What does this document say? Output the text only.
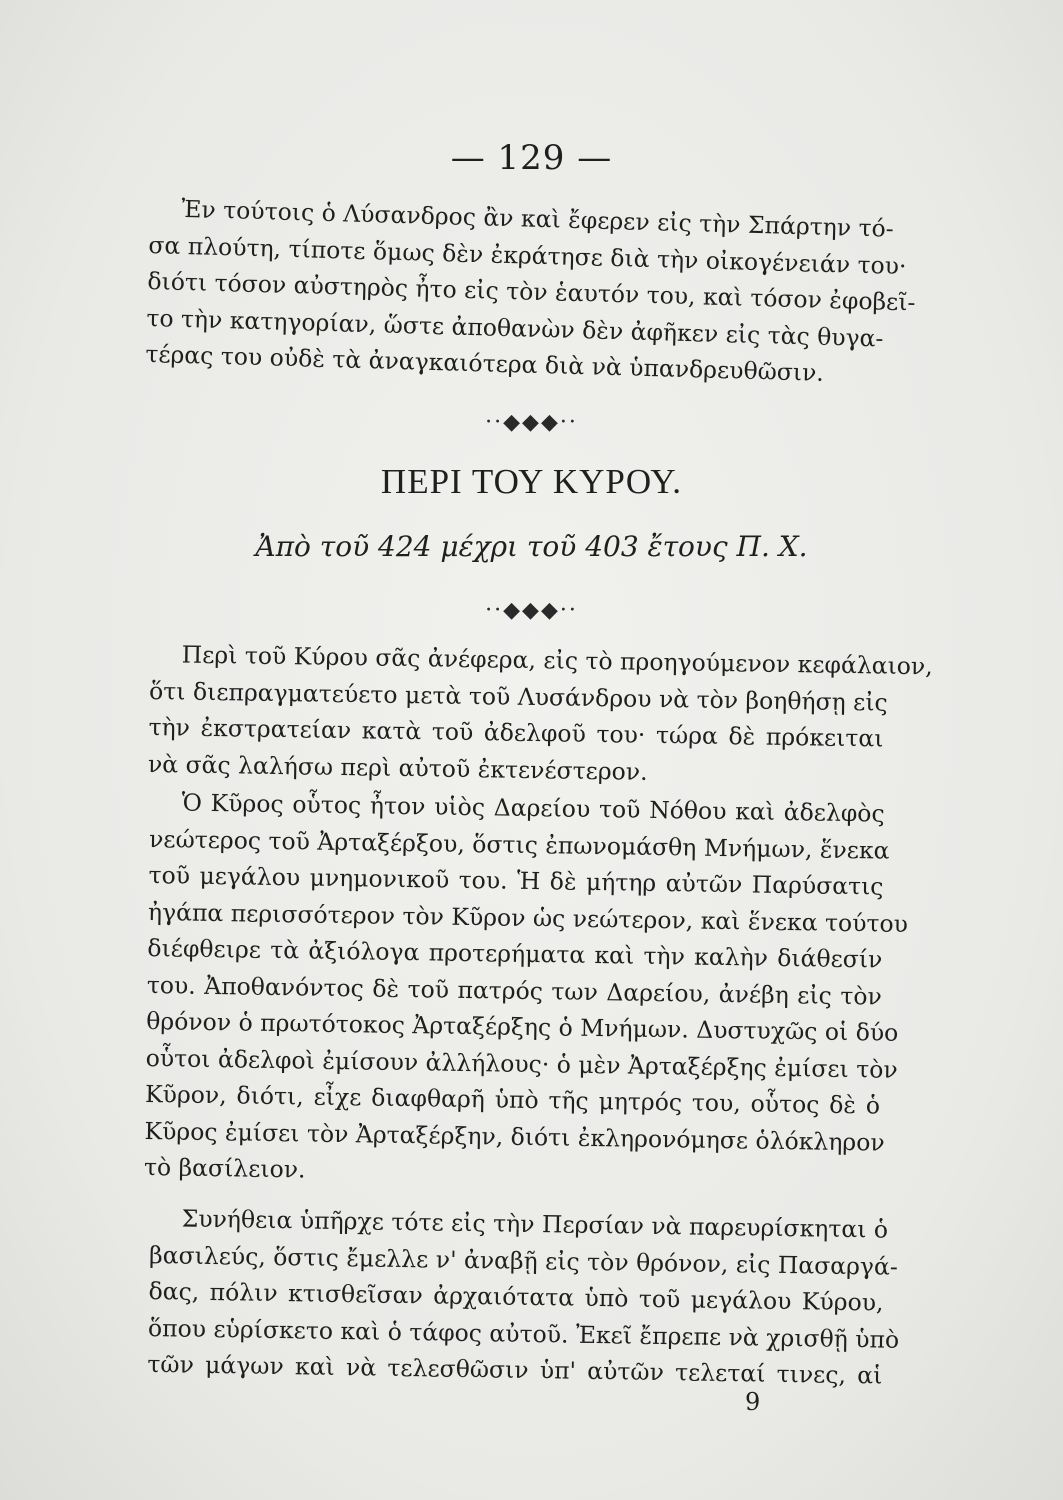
— 129 —
Ἐν τούτοις ὁ Λύσανδρος ἂν καὶ ἔφερεν εἰς τὴν Σπάρτην τό-
σα πλούτη, τίποτε ὅμως δὲν ἐκράτησε διὰ τὴν οἰκογένειάν του·
διότι τόσον αὐστηρὸς ἦτο εἰς τὸν ἑαυτόν του, καὶ τόσον ἐφοβεῖ-
το τὴν κατηγορίαν, ὥστε ἀποθανὼν δὲν ἀφῆκεν εἰς τὰς θυγα-
τέρας του οὐδὲ τὰ ἀναγκαιότερα διὰ νὰ ὑπανδρευθῶσιν.
··◆◆◆··
ΠΕΡΙ ΤΟΥ ΚΥΡΟΥ.
Ἀπὸ τοῦ 424 μέχρι τοῦ 403 ἔτους Π. Χ.
··◆◆◆··
Περὶ τοῦ Κύρου σᾶς ἀνέφερα, εἰς τὸ προηγούμενον κεφάλαιον,
ὅτι διεπραγματεύετο μετὰ τοῦ Λυσάνδρου νὰ τὸν βοηθήσῃ εἰς
τὴν ἐκστρατείαν κατὰ τοῦ ἀδελφοῦ του· τώρα δὲ πρόκειται
νὰ σᾶς λαλήσω περὶ αὐτοῦ ἐκτενέστερον.
Ὁ Κῦρος οὗτος ἦτον υἱὸς Δαρείου τοῦ Νόθου καὶ ἀδελφὸς
νεώτερος τοῦ Ἀρταξέρξου, ὅστις ἐπωνομάσθη Μνήμων, ἕνεκα
τοῦ μεγάλου μνημονικοῦ του. Ἡ δὲ μήτηρ αὐτῶν Παρύσατις
ἠγάπα περισσότερον τὸν Κῦρον ὡς νεώτερον, καὶ ἕνεκα τούτου
διέφθειρε τὰ ἀξιόλογα προτερήματα καὶ τὴν καλὴν διάθεσίν
του. Ἀποθανόντος δὲ τοῦ πατρός των Δαρείου, ἀνέβη εἰς τὸν
θρόνον ὁ πρωτότοκος Ἀρταξέρξης ὁ Μνήμων. Δυστυχῶς οἱ δύο
οὗτοι ἀδελφοὶ ἐμίσουν ἀλλήλους· ὁ μὲν Ἀρταξέρξης ἐμίσει τὸν
Κῦρον, διότι, εἶχε διαφθαρῆ ὑπὸ τῆς μητρός του, οὗτος δὲ ὁ
Κῦρος ἐμίσει τὸν Ἀρταξέρξην, διότι ἐκληρονόμησε ὁλόκληρον
τὸ βασίλειον.
Συνήθεια ὑπῆρχε τότε εἰς τὴν Περσίαν νὰ παρευρίσκηται ὁ
βασιλεύς, ὅστις ἔμελλε ν' ἀναβῇ εἰς τὸν θρόνον, εἰς Πασαργά-
δας, πόλιν κτισθεῖσαν ἀρχαιότατα ὑπὸ τοῦ μεγάλου Κύρου,
ὅπου εὑρίσκετο καὶ ὁ τάφος αὐτοῦ. Ἐκεῖ ἔπρεπε νὰ χρισθῇ ὑπὸ
τῶν μάγων καὶ νὰ τελεσθῶσιν ὑπ' αὐτῶν τελεταί τινες, αἱ
9
